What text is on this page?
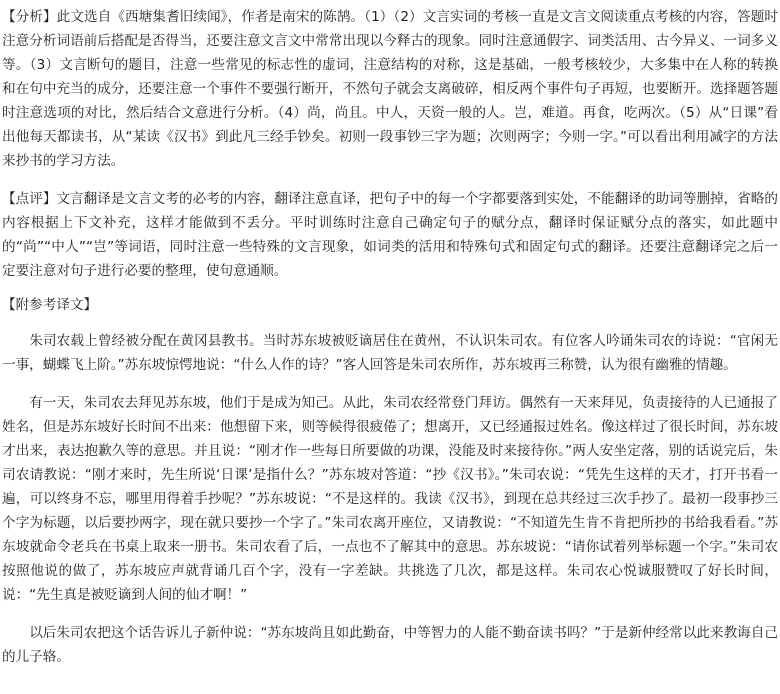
【分析】此文选自《西塘集耆旧续闻》，作者是南宋的陈鹄。（1）（2）文言实词的考核一直是文言文阅读重点考核的内容，答题时注意分析词语前后搭配是否得当，还要注意文言文中常常出现以今释古的现象。同时注意通假字、词类活用、古今异义、一词多义等。（3）文言断句的题目，注意一些常见的标志性的虚词，注意结构的对称，这是基础，一般考核较少，大多集中在人称的转换和在句中充当的成分，还要注意一个事件不要强行断开，不然句子就会支离破碎，相反两个事件句子再短，也要断开。选择题答题时注意选项的对比，然后结合文意进行分析。（4）尚，尚且。中人，天资一般的人。岂，难道。再食，吃两次。（5）从“日课”看出他每天都读书，从“某读《汉书》到此凡三经手钞矣。初则一段事钞三字为题；次则两字；今则一字。”可以看出利用减字的方法来抄书的学习方法。

【点评】文言翻译是文言文考的必考的内容，翻译注意直译，把句子中的每一个字都要落到实处，不能翻译的助词等删掉，省略的内容根据上下文补充，这样才能做到不丢分。平时训练时注意自己确定句子的赋分点，翻译时保证赋分点的落实，如此题中的“尚”“中人”“岂”等词语，同时注意一些特殊的文言现象，如词类的活用和特殊句式和固定句式的翻译。还要注意翻译完之后一定要注意对句子进行必要的整理，使句意通顺。

【附参考译文】

朱司农载上曾经被分配在黄冈县教书。当时苏东坡被贬谪居住在黄州，不认识朱司农。有位客人吟诵朱司农的诗说：“官闲无一事，蝴蝶飞上阶。”苏东坡惊愕地说：“什么人作的诗？”客人回答是朱司农所作，苏东坡再三称赞，认为很有幽雅的情趣。

有一天，朱司农去拜见苏东坡，他们于是成为知己。从此，朱司农经常登门拜访。偶然有一天来拜见，负责接待的人已通报了姓名，但是苏东坡好长时间不出来：他想留下来，则等候得很疲倦了；想离开，又已经通报过姓名。像这样过了很长时间，苏东坡才出来，表达抱歉久等的意思。并且说：“刚才作一些每日所要做的功课，没能及时来接待你。”两人安坐定落，别的话说完后，朱司农请教说：“刚才来时，先生所说‘日课’是指什么？”苏东坡对答道：“抄《汉书》。”朱司农说：“凭先生这样的天才，打开书看一遍，可以终身不忘，哪里用得着手抄呢？”苏东坡说：“不是这样的。我读《汉书》，到现在总共经过三次手抄了。最初一段事抄三个字为标题，以后要抄两字，现在就只要抄一个字了。”朱司农离开座位，又请教说：“不知道先生肯不肯把所抄的书给我看看。”苏东坡就命令老兵在书桌上取来一册书。朱司农看了后，一点也不了解其中的意思。苏东坡说：“请你试着列举标题一个字。”朱司农按照他说的做了，苏东坡应声就背诵几百个字，没有一字差缺。共挑选了几次，都是这样。朱司农心悦诚服赞叹了好长时间，说：“先生真是被贬谪到人间的仙才啊！”

以后朱司农把这个话告诉儿子新仲说：“苏东坡尚且如此勤奋，中等智力的人能不勤奋读书吗？”于是新仲经常以此来教诲自己的儿子辂。
